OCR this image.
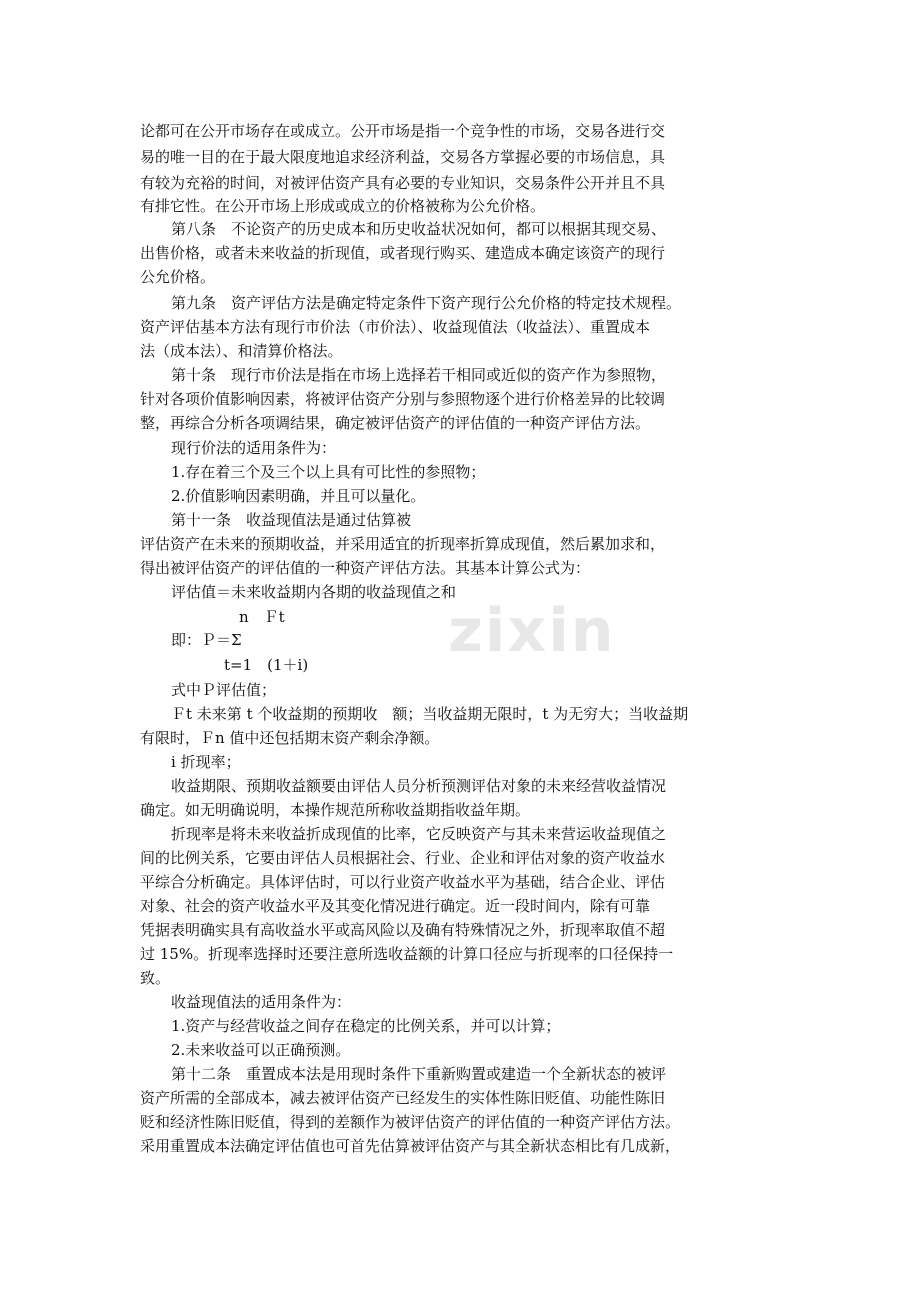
论都可在公开市场存在或成立。公开市场是指一个竞争性的市场，交易各进行交

易的唯一目的在于最大限度地追求经济利益，交易各方掌握必要的市场信息，具

有较为充裕的时间，对被评估资产具有必要的专业知识，交易条件公开并且不具

有排它性。在公开市场上形成或成立的价格被称为公允价格。

第八条　不论资产的历史成本和历史收益状况如何，都可以根据其现交易、

出售价格，或者未来收益的折现值，或者现行购买、建造成本确定该资产的现行

公允价格。

第九条　资产评估方法是确定特定条件下资产现行公允价格的特定技术规程。

资产评估基本方法有现行市价法（市价法）、收益现值法（收益法）、重置成本

法（成本法）、和清算价格法。

第十条　现行市价法是指在市场上选择若干相同或近似的资产作为参照物，

针对各项价值影响因素，将被评估资产分别与参照物逐个进行价格差异的比较调

整，再综合分析各项调结果，确定被评估资产的评估值的一种资产评估方法。

现行价法的适用条件为：

1.存在着三个及三个以上具有可比性的参照物；

2.价值影响因素明确，并且可以量化。

第十一条　收益现值法是通过估算被

评估资产在未来的预期收益，并采用适宜的折现率折算成现值，然后累加求和，

得出被评估资产的评估值的一种资产评估方法。其基本计算公式为：

评估值＝未来收益期内各期的收益现值之和

n　Ｆt

即：Ｐ＝Σ

t=1　(1＋i)

式中Ｐ评估值；

Ｆt 未来第 t 个收益期的预期收　额；当收益期无限时，t 为无穷大；当收益期

有限时，Ｆn 值中还包括期末资产剩余净额。

i 折现率；

收益期限、预期收益额要由评估人员分析预测评估对象的未来经营收益情况

确定。如无明确说明，本操作规范所称收益期指收益年期。

折现率是将未来收益折成现值的比率，它反映资产与其未来营运收益现值之

间的比例关系，它要由评估人员根据社会、行业、企业和评估对象的资产收益水

平综合分析确定。具体评估时，可以行业资产收益水平为基础，结合企业、评估

对象、社会的资产收益水平及其变化情况进行确定。近一段时间内，除有可靠

凭据表明确实具有高收益水平或高风险以及确有特殊情况之外，折现率取值不超

过 15%。折现率选择时还要注意所选收益额的计算口径应与折现率的口径保持一

致。

收益现值法的适用条件为：

1.资产与经营收益之间存在稳定的比例关系，并可以计算；

2.未来收益可以正确预测。

第十二条　重置成本法是用现时条件下重新购置或建造一个全新状态的被评

资产所需的全部成本，减去被评估资产已经发生的实体性陈旧贬值、功能性陈旧

贬和经济性陈旧贬值，得到的差额作为被评估资产的评估值的一种资产评估方法。

采用重置成本法确定评估值也可首先估算被评估资产与其全新状态相比有几成新，

zixin
